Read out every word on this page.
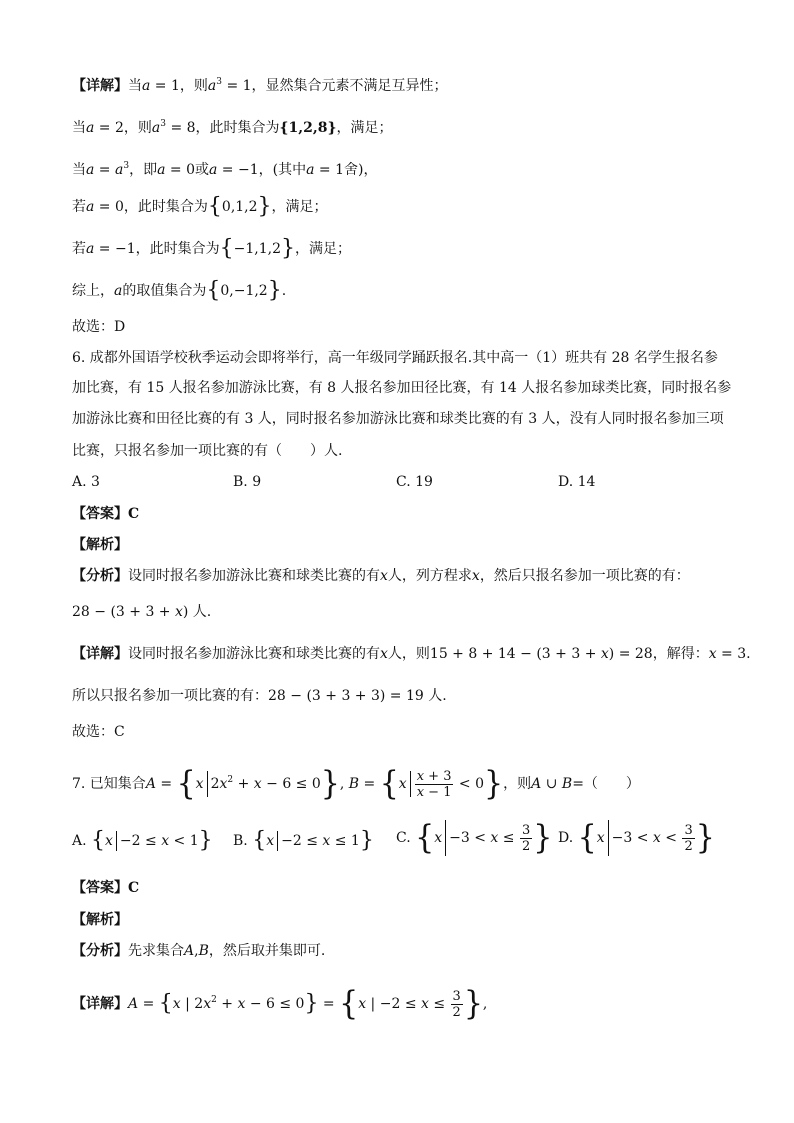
【详解】当a = 1，则$a^3 = 1$，显然集合元素不满足互异性；
当a = 2，则$a^3 = 8$，此时集合为{1,2,8}，满足；
当$a = a^3$，即a = 0或a = −1，(其中a = 1舍)，
若a = 0，此时集合为{0,1,2}，满足；
若a = −1，此时集合为{−1,1,2}，满足；
综上，a的取值集合为{0,−1,2}.
故选：D
6. 成都外国语学校秋季运动会即将举行，高一年级同学踊跃报名.其中高一（1）班共有 28 名学生报名参
加比赛，有 15 人报名参加游泳比赛，有 8 人报名参加田径比赛，有 14 人报名参加球类比赛，同时报名参
加游泳比赛和田径比赛的有 3 人，同时报名参加游泳比赛和球类比赛的有 3 人，没有人同时报名参加三项
比赛，只报名参加一项比赛的有（　　）人.
A. 3	B. 9	C. 19	D. 14
【答案】C
【解析】
【分析】设同时报名参加游泳比赛和球类比赛的有x人，列方程求x，然后只报名参加一项比赛的有：
28 − (3 + 3 + x) 人.
【详解】设同时报名参加游泳比赛和球类比赛的有x人，则15 + 8 + 14 − (3 + 3 + x) = 28，解得：x = 3.
所以只报名参加一项比赛的有：28 − (3 + 3 + 3) = 19 人.
故选：C
7. 已知集合A = {x $2x^2 + x - 6 \le 0$}, $B = \{x \frac{x + 3}{x - 1} < 0\}$，则A ∪ B=（　　）
A. {x −2 ≤ x < 1} B. {x −2 ≤ x ≤ 1} C. {$x -3 < x \le \frac{3}{2}$ } D. {$x -3 < x < \frac{3}{2}$ }
【答案】C
【解析】
【分析】先求集合A,B，然后取并集即可.
【详解】A = {x | $2x^2 + x - 6 \le 0\} = \{x$ | $-2 \le x \le \frac{3}{2}$ },
